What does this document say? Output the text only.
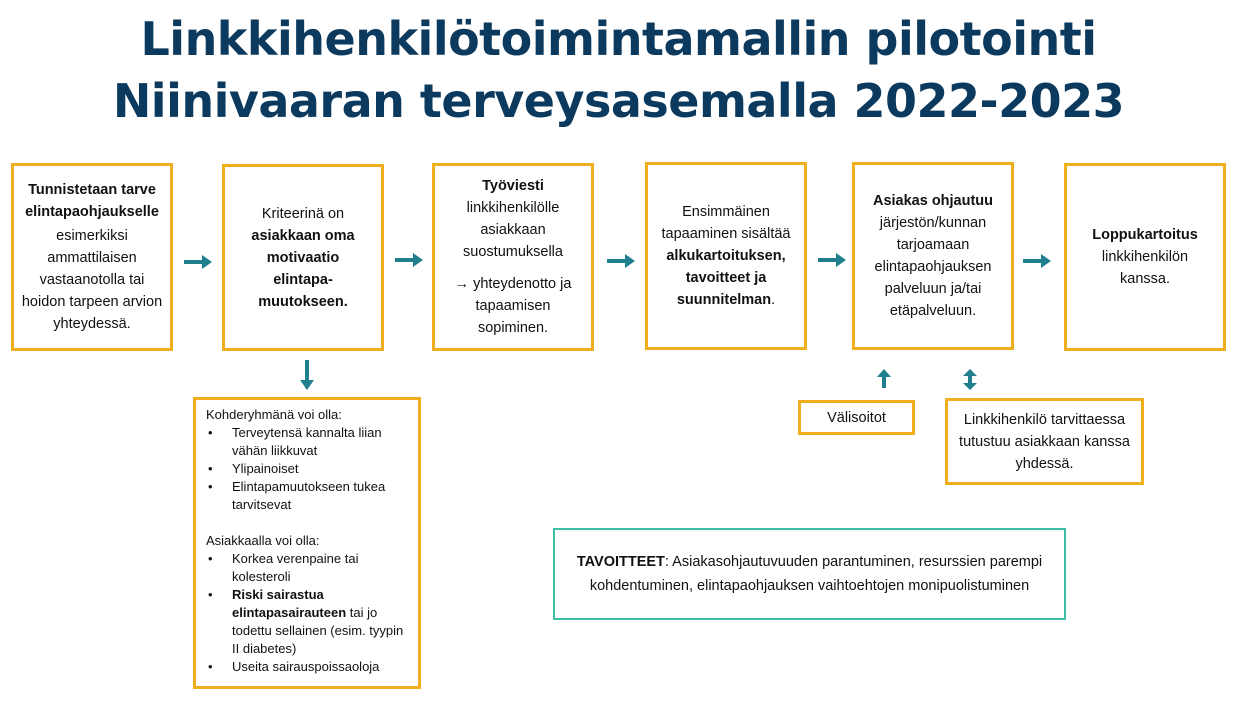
Linkkihenkilötoimintamallin pilotointi
Niinivaaran terveysasemalla 2022-2023
Tunnistetaan tarve elintapaohjaukselle
esimerkiksi ammattilaisen vastaanotolla tai hoidon tarpeen arvion yhteydessä.
Kriteerinä on
asiakkaan oma motivaatio elintapa-muutokseen.
Työviesti
linkkihenkilölle asiakkaan suostumuksella
→ yhteydenotto ja tapaamisen sopiminen.
Ensimmäinen tapaaminen sisältää alkukartoituksen, tavoitteet ja suunnitelman.
Asiakas ohjautuu
järjestön/kunnan tarjoamaan elintapaohjauksen palveluun ja/tai etäpalveluun.
Loppukartoitus
linkkihenkilön kanssa.
Kohderyhmänä voi olla:
• Terveytensä kannalta liian vähän liikkuvat
• Ylipainoiset
• Elintapamuutokseen tukea tarvitsevat
Asiakkaalla voi olla:
• Korkea verenpaine tai kolesteroli
• Riski sairastua elintapasairauteen tai jo todettu sellainen (esim. tyypin II diabetes)
• Useita sairauspoissaoloja
Välisoitot	Linkkihenkilö tarvittaessa tutustuu asiakkaan kanssa yhdessä.
TAVOITTEET: Asiakasohjautuvuuden parantuminen, resurssien parempi kohdentuminen, elintapaohjauksen vaihtoehtojen monipuolistuminen
